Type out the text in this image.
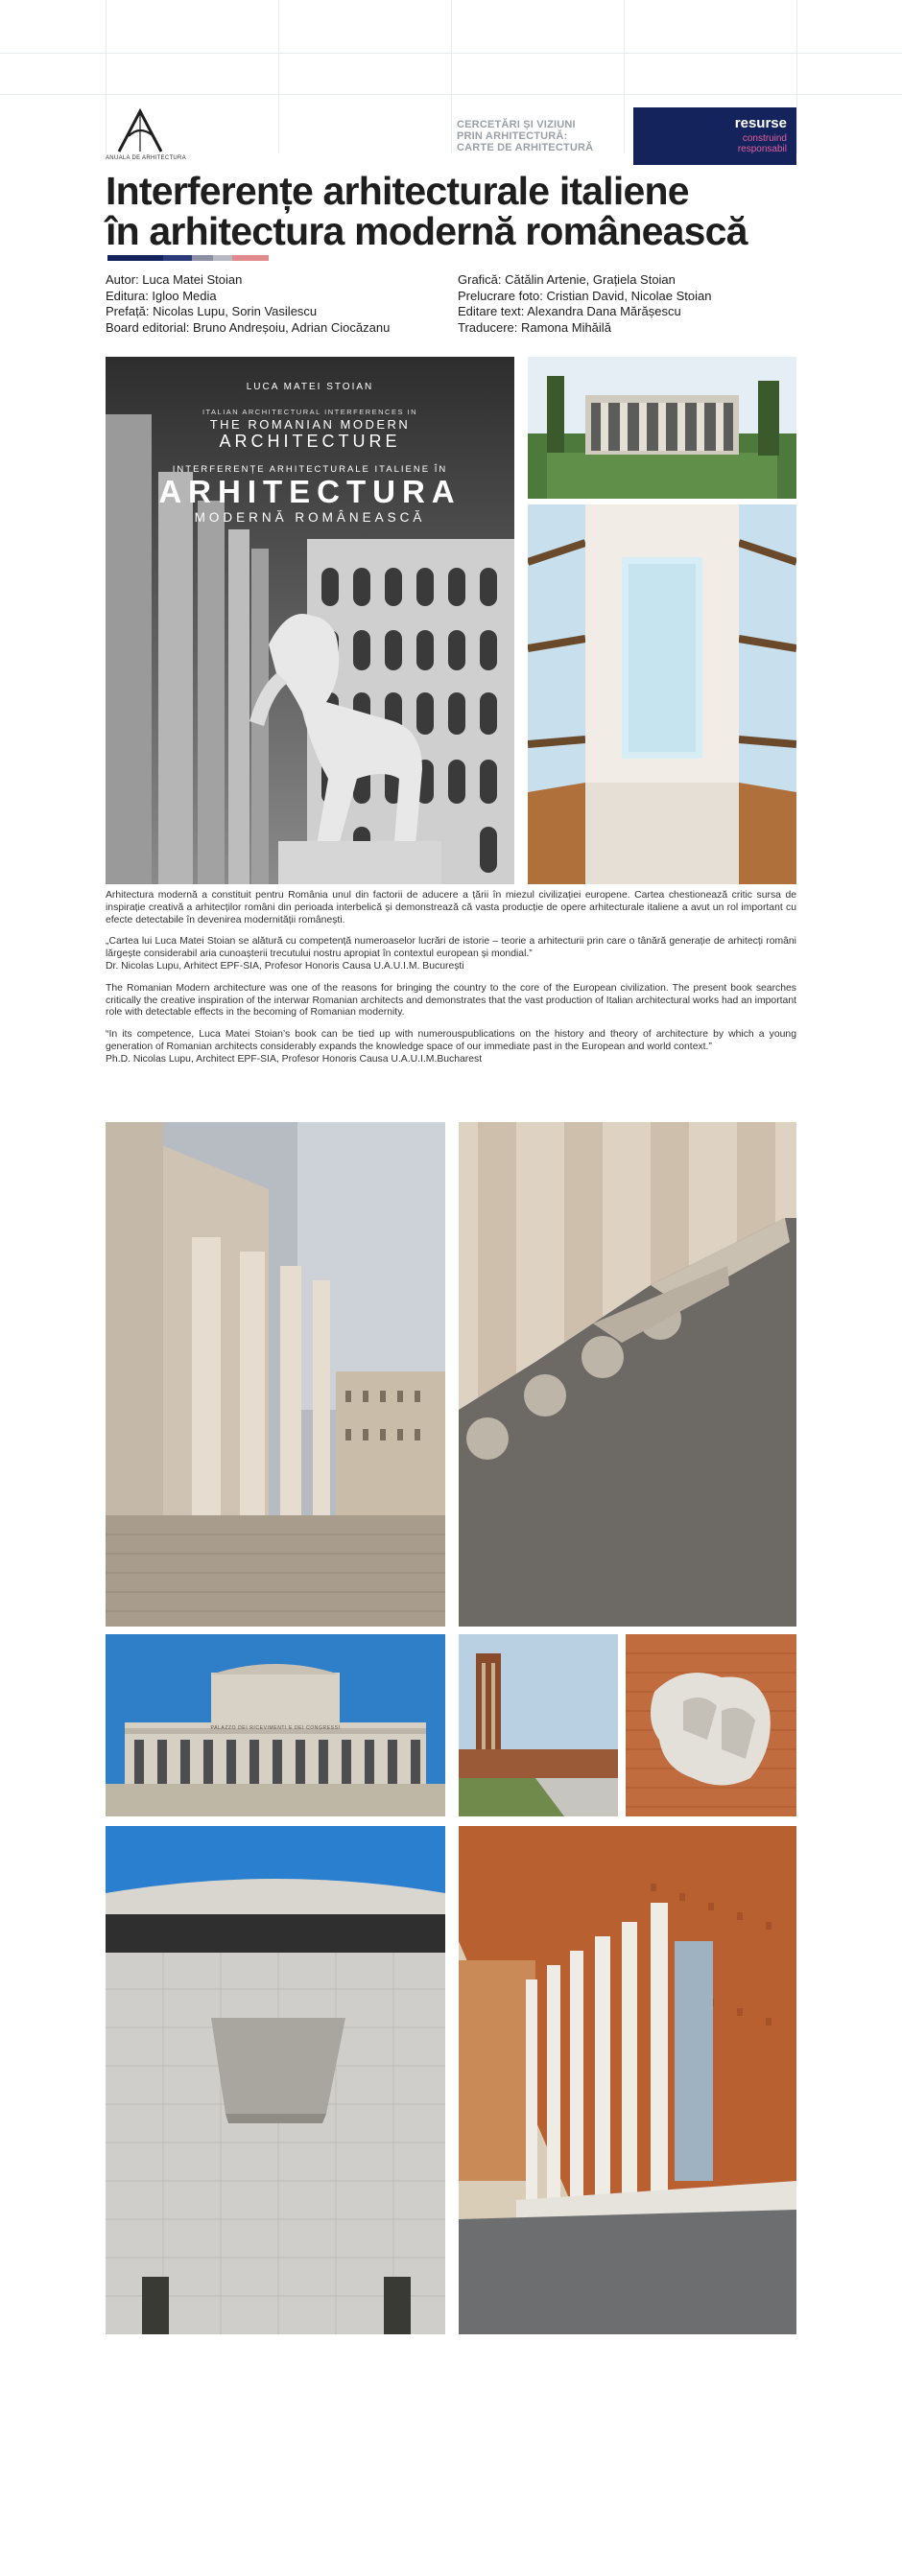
ANUALA DE ARHITECTURA
CERCETĂRI ȘI VIZIUNI
PRIN ARHITECTURĂ:
CARTE DE ARHITECTURĂ
resurse
construind
responsabil
Interferențe arhitecturale italiene
în arhitectura modernă românească
Autor: Luca Matei Stoian
Editura: Igloo Media
Prefață: Nicolas Lupu, Sorin Vasilescu
Board editorial: Bruno Andreșoiu, Adrian Ciocăzanu
Grafică: Cătălin Artenie, Grațiela Stoian
Prelucrare foto: Cristian David, Nicolae Stoian
Editare text: Alexandra Dana Mărășescu
Traducere: Ramona Mihăilă
LUCA MATEI STOIAN
ITALIAN ARCHITECTURAL INTERFERENCES IN
THE ROMANIAN MODERN
ARCHITECTURE
INTERFERENȚE ARHITECTURALE ITALIENE ÎN
ARHITECTURA
MODERNĂ ROMÂNEASCĂ

Arhitectura modernă a constituit pentru România unul din factorii de aducere a țării în miezul civilizației europene. Cartea chestionează critic sursa de inspirație creativă a arhitecților români din perioada interbelică și demonstrează că vasta producție de opere arhitecturale italiene a avut un rol important cu efecte detectabile în devenirea modernității românești.

„Cartea lui Luca Matei Stoian se alătură cu competență numeroaselor lucrări de istorie – teorie a arhitecturii prin care o tânără generație de arhitecți români lărgește considerabil aria cunoașterii trecutului nostru apropiat în contextul european și mondial.”
Dr. Nicolas Lupu, Arhitect EPF-SIA, Profesor Honoris Causa U.A.U.I.M. București

The Romanian Modern architecture was one of the reasons for bringing the country to the core of the European civilization. The present book searches critically the creative inspiration of the interwar Romanian architects and demonstrates that the vast production of Italian architectural works had an important role with detectable effects in the becoming of Romanian modernity.

“In its competence, Luca Matei Stoian’s book can be tied up with numerouspublications on the history and theory of architecture by which a young generation of Romanian architects considerably expands the knowledge space of our immediate past in the European and world context.”
Ph.D. Nicolas Lupu, Architect EPF-SIA, Profesor Honoris Causa U.A.U.I.M.Bucharest

PALAZZO DEI RICEVIMENTI E DEI CONGRESSI
